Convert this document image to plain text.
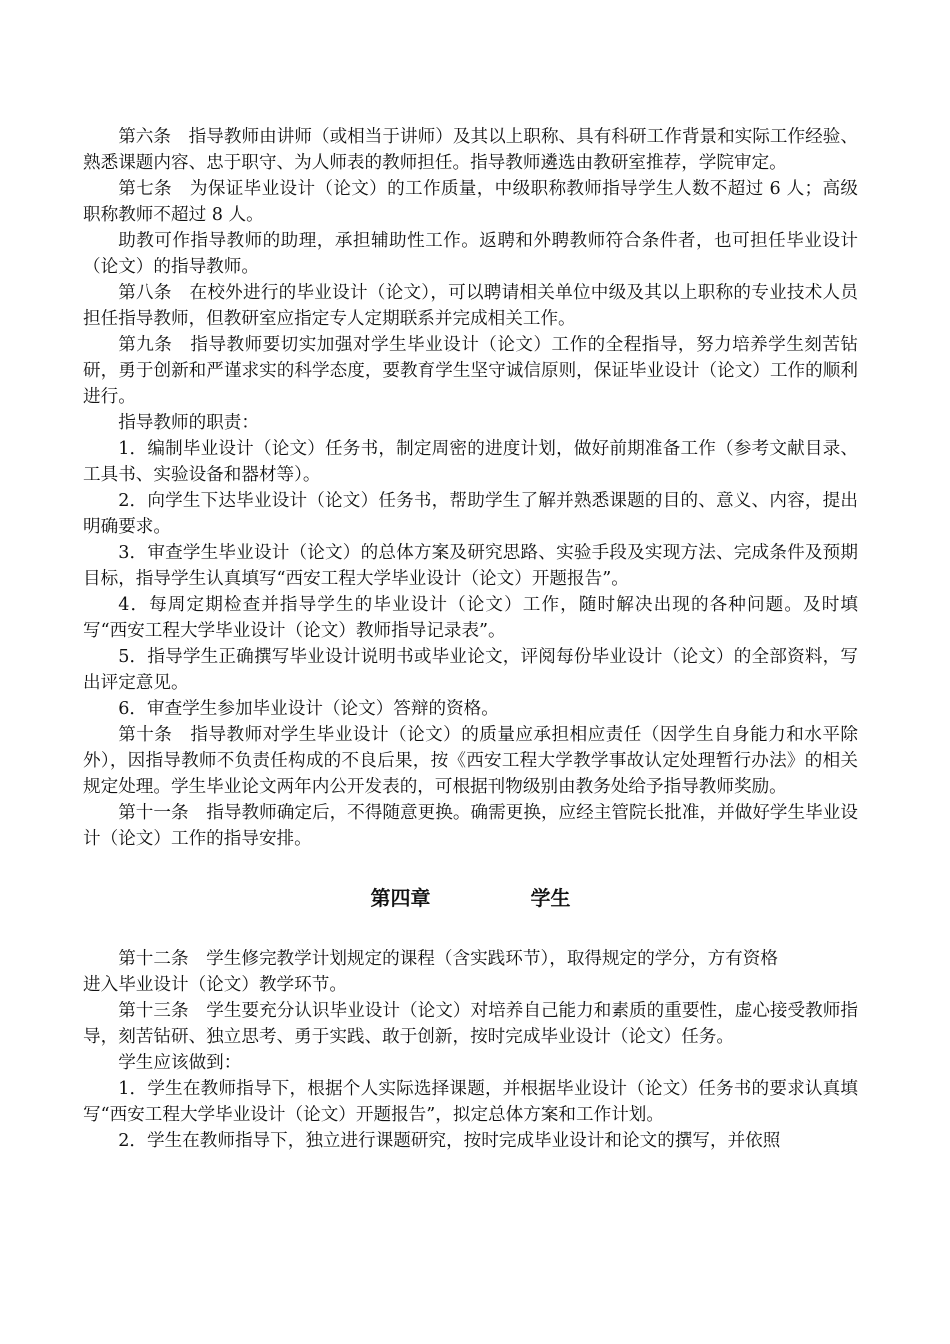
第六条　指导教师由讲师（或相当于讲师）及其以上职称、具有科研工作背景和实际工作经验、熟悉课题内容、忠于职守、为人师表的教师担任。指导教师遴选由教研室推荐，学院审定。

第七条　为保证毕业设计（论文）的工作质量，中级职称教师指导学生人数不超过 6 人；高级职称教师不超过 8 人。

助教可作指导教师的助理，承担辅助性工作。返聘和外聘教师符合条件者，也可担任毕业设计（论文）的指导教师。

第八条　在校外进行的毕业设计（论文），可以聘请相关单位中级及其以上职称的专业技术人员担任指导教师，但教研室应指定专人定期联系并完成相关工作。

第九条　指导教师要切实加强对学生毕业设计（论文）工作的全程指导，努力培养学生刻苦钻研，勇于创新和严谨求实的科学态度，要教育学生坚守诚信原则，保证毕业设计（论文）工作的顺利进行。

指导教师的职责：

1．编制毕业设计（论文）任务书，制定周密的进度计划，做好前期准备工作（参考文献目录、工具书、实验设备和器材等）。

2．向学生下达毕业设计（论文）任务书，帮助学生了解并熟悉课题的目的、意义、内容，提出明确要求。

3．审查学生毕业设计（论文）的总体方案及研究思路、实验手段及实现方法、完成条件及预期目标，指导学生认真填写“西安工程大学毕业设计（论文）开题报告”。

4．每周定期检查并指导学生的毕业设计（论文）工作，随时解决出现的各种问题。及时填写“西安工程大学毕业设计（论文）教师指导记录表”。

5．指导学生正确撰写毕业设计说明书或毕业论文，评阅每份毕业设计（论文）的全部资料，写出评定意见。

6．审查学生参加毕业设计（论文）答辩的资格。

第十条　指导教师对学生毕业设计（论文）的质量应承担相应责任（因学生自身能力和水平除外），因指导教师不负责任构成的不良后果，按《西安工程大学教学事故认定处理暂行办法》的相关规定处理。学生毕业论文两年内公开发表的，可根据刊物级别由教务处给予指导教师奖励。

第十一条　指导教师确定后，不得随意更换。确需更换，应经主管院长批准，并做好学生毕业设计（论文）工作的指导安排。

第四章	学生

第十二条　学生修完教学计划规定的课程（含实践环节），取得规定的学分，方有资格

进入毕业设计（论文）教学环节。

第十三条　学生要充分认识毕业设计（论文）对培养自己能力和素质的重要性，虚心接受教师指导，刻苦钻研、独立思考、勇于实践、敢于创新，按时完成毕业设计（论文）任务。

学生应该做到：

1．学生在教师指导下，根据个人实际选择课题，并根据毕业设计（论文）任务书的要求认真填写“西安工程大学毕业设计（论文）开题报告”，拟定总体方案和工作计划。

2．学生在教师指导下，独立进行课题研究，按时完成毕业设计和论文的撰写，并依照
